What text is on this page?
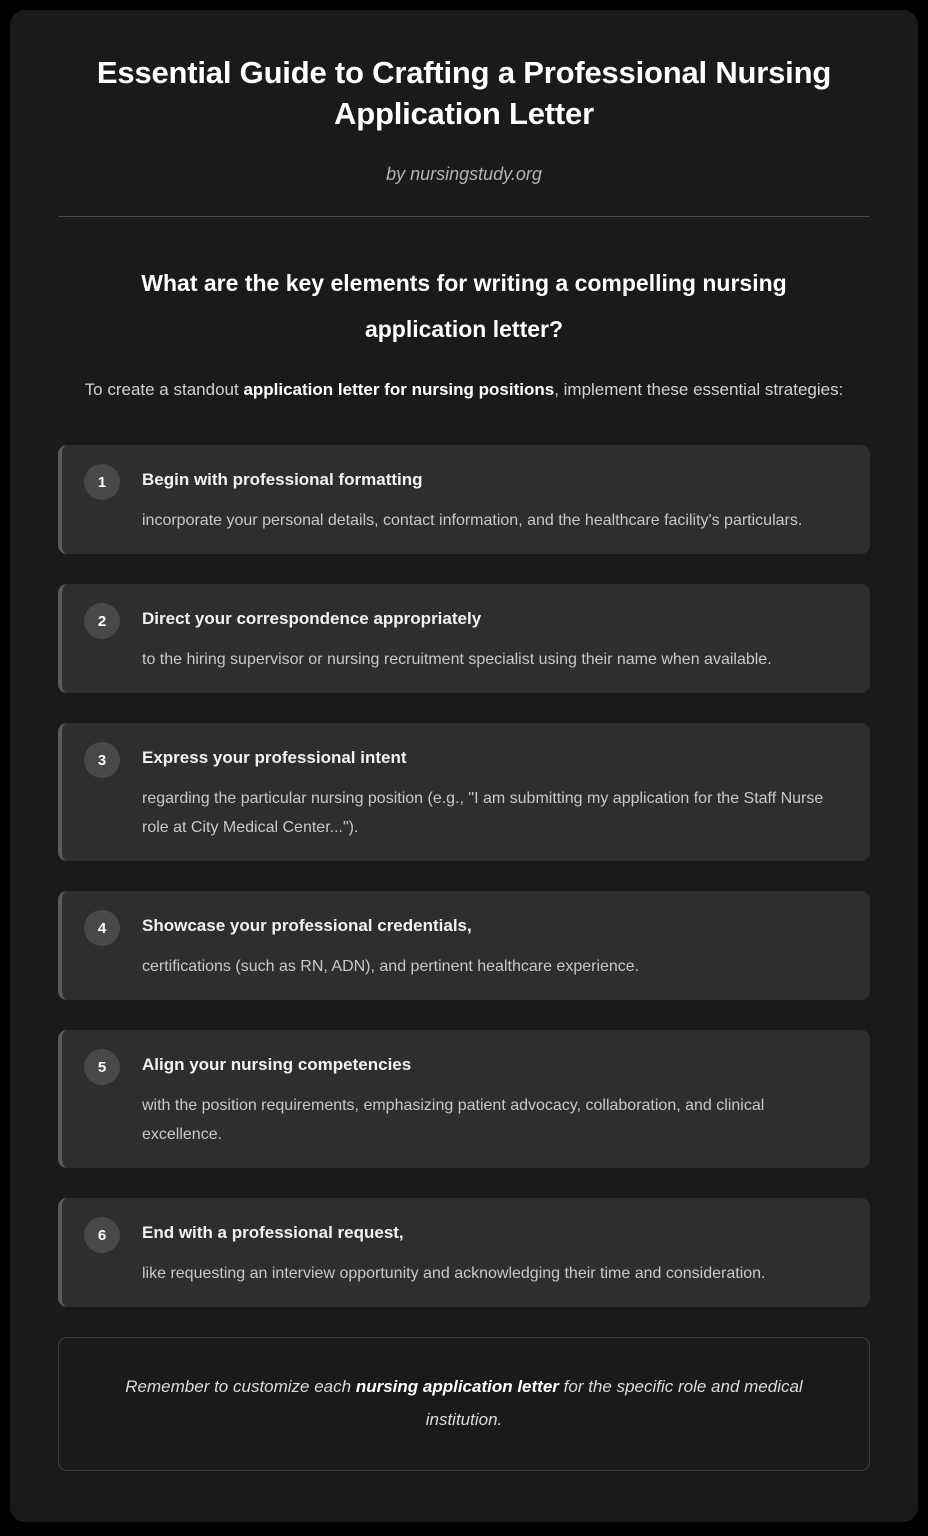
Essential Guide to Crafting a Professional Nursing Application Letter

by nursingstudy.org

What are the key elements for writing a compelling nursing application letter?

To create a standout application letter for nursing positions, implement these essential strategies:

1	Begin with professional formatting

incorporate your personal details, contact information, and the healthcare facility's particulars.

2	Direct your correspondence appropriately

to the hiring supervisor or nursing recruitment specialist using their name when available.

3	Express your professional intent

regarding the particular nursing position (e.g., "I am submitting my application for the Staff Nurse role at City Medical Center...").

4	Showcase your professional credentials,

certifications (such as RN, ADN), and pertinent healthcare experience.

5	Align your nursing competencies

with the position requirements, emphasizing patient advocacy, collaboration, and clinical excellence.

6	End with a professional request,

like requesting an interview opportunity and acknowledging their time and consideration.

Remember to customize each nursing application letter for the specific role and medical institution.
